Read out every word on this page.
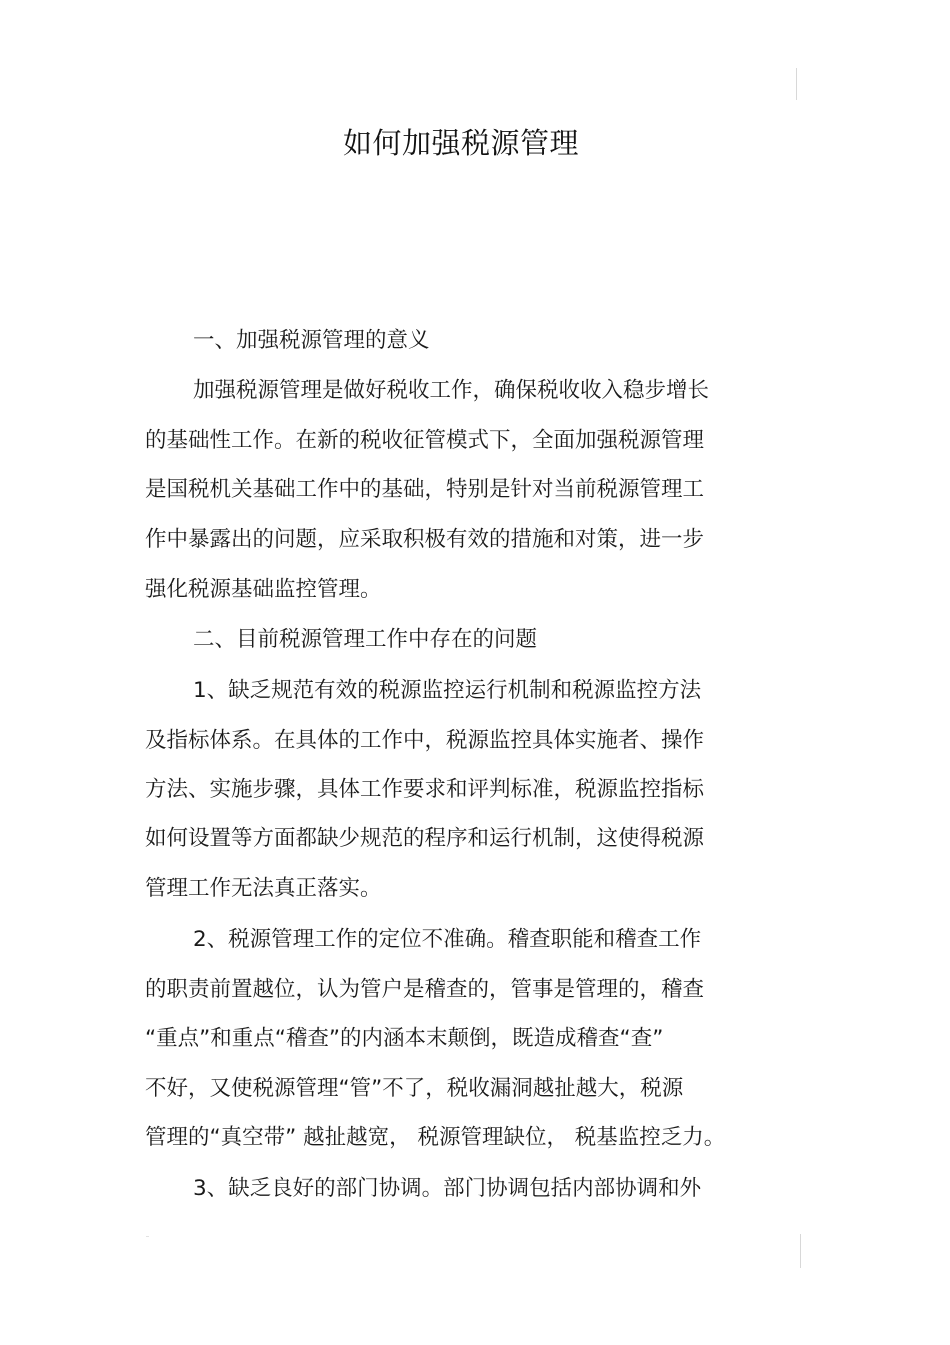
如何加强税源管理
一、加强税源管理的意义
加强税源管理是做好税收工作，确保税收收入稳步增长
的基础性工作。在新的税收征管模式下，全面加强税源管理
是国税机关基础工作中的基础，特别是针对当前税源管理工
作中暴露出的问题，应采取积极有效的措施和对策，进一步
强化税源基础监控管理。
二、目前税源管理工作中存在的问题
1、缺乏规范有效的税源监控运行机制和税源监控方法
及指标体系。在具体的工作中，税源监控具体实施者、操作
方法、实施步骤，具体工作要求和评判标准，税源监控指标
如何设置等方面都缺少规范的程序和运行机制，这使得税源
管理工作无法真正落实。
2、税源管理工作的定位不准确。稽查职能和稽查工作
的职责前置越位，认为管户是稽查的，管事是管理的，稽查
“重点”和重点“稽查”的内涵本末颠倒，既造成稽查“查”
不好，又使税源管理“管”不了，税收漏洞越扯越大，税源
管理的“真空带” 越扯越宽， 税源管理缺位， 税基监控乏力。
3、缺乏良好的部门协调。部门协调包括内部协调和外
